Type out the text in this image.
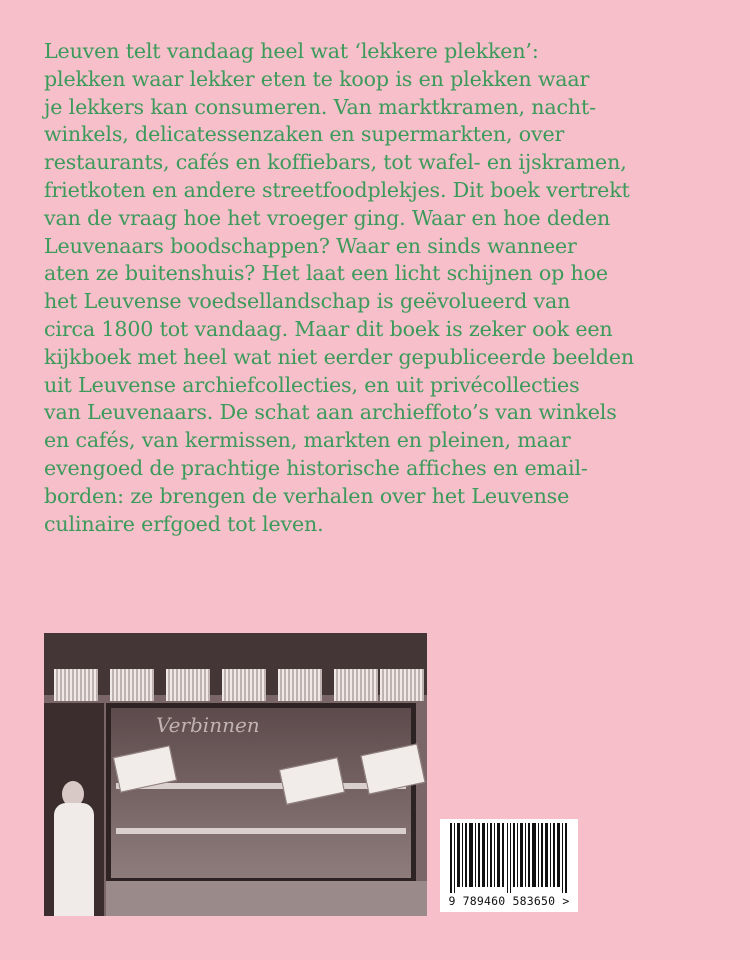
Leuven telt vandaag heel wat ‘lekkere plekken’:
plekken waar lekker eten te koop is en plekken waar
je lekkers kan consumeren. Van marktkramen, nacht-
winkels, delicatessenzaken en supermarkten, over
restaurants, cafés en koffiebars, tot wafel- en ijskramen,
frietkoten en andere streetfoodplekjes. Dit boek vertrekt
van de vraag hoe het vroeger ging. Waar en hoe deden
Leuvenaars boodschappen? Waar en sinds wanneer
aten ze buitenshuis? Het laat een licht schijnen op hoe
het Leuvense voedsellandschap is geëvolueerd van
circa 1800 tot vandaag. Maar dit boek is zeker ook een
kijkboek met heel wat niet eerder gepubliceerde beelden
uit Leuvense archiefcollecties, en uit privécollecties
van Leuvenaars. De schat aan archieffoto’s van winkels
en cafés, van kermissen, markten en pleinen, maar
evengoed de prachtige historische affiches en email-
borden: ze brengen de verhalen over het Leuvense
culinaire erfgoed tot leven.
Verbinnen
9 789460 583650 >
